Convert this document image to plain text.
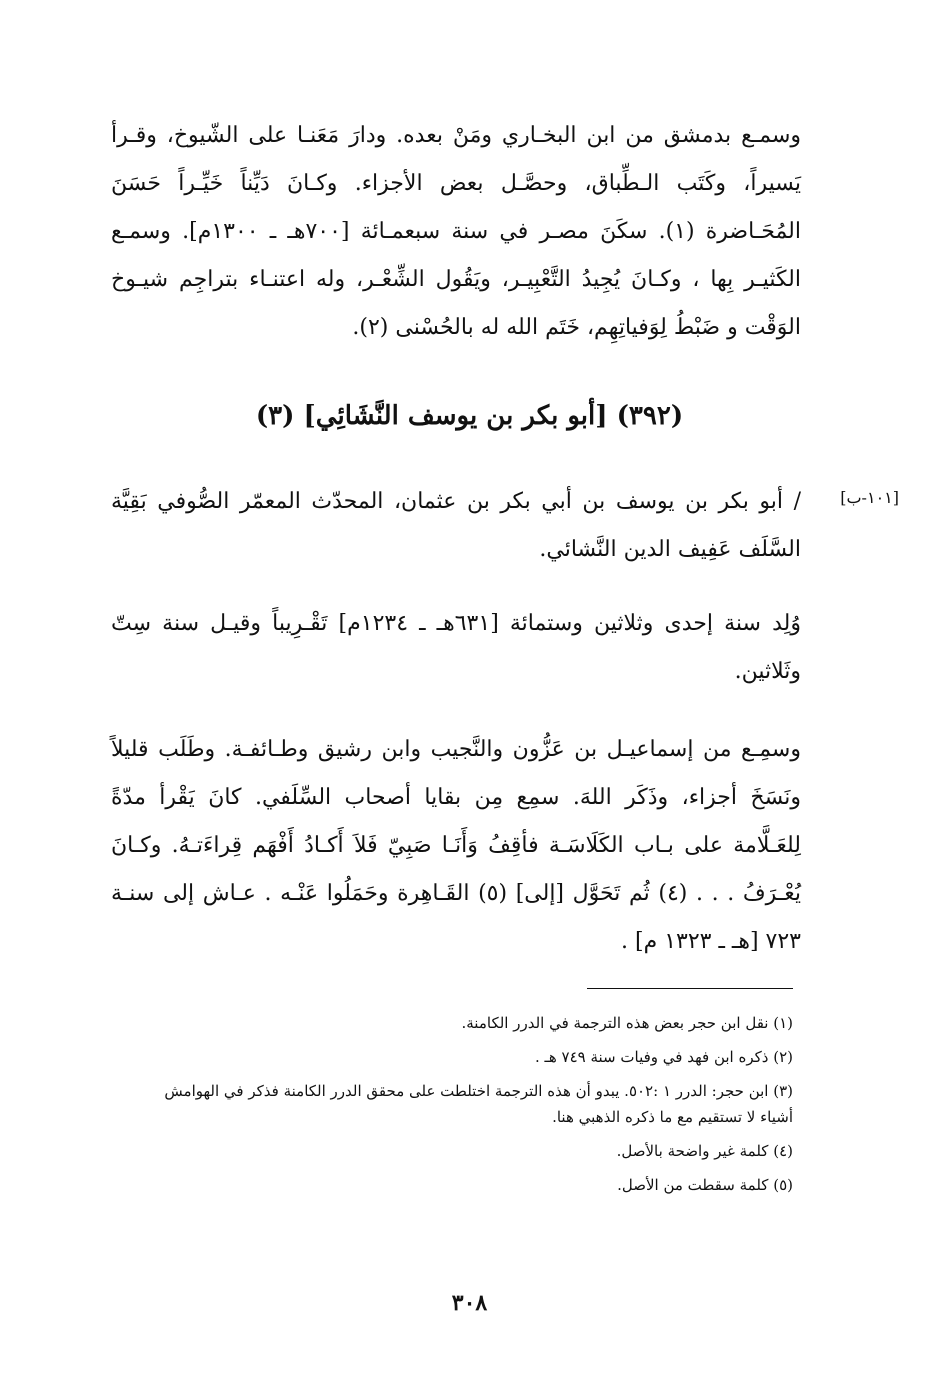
وسمـع بدمشق من ابن البخـاري ومَنْ بعده. ودارَ مَعَنـا على الشّيوخ، وقـرأ يَسيراً، وكَتَب الـطِّباق، وحصَّـل بعض الأجزاء. وكـانَ دَيِّناً خَيِّـراً حَسَنَ المُحَـاضرة (١). سكَنَ مصـر في سنة سبعمـائة [٧٠٠هـ ـ ١٣٠٠م]. وسمـع الكَثيـر بِها ، وكـانَ يُجِيدُ التَّعْبِيـر، ويَقُول الشِّعْـر، وله اعتنـاء بتراجِم شيـوخ الوَقْت و ضَبْطُ لِوَفياتِهِم، خَتَم الله له بالحُسْنى (٢).

(٣٩٢) [أبو بكر بن يوسف النَّشَائِي] (٣)
[١٠١-ب]

/ أبو بكر بن يوسف بن أبي بكر بن عثمان، المحدّث المعمّر الصُّوفي بَقِيَّة السَّلَف عَفِيف الدين النَّشائي.

وُلِد سنة إحدى وثلاثين وستمائة [٦٣١هـ ـ ١٢٣٤م] تَقْـرِيباً وقيـل سنة سِتّ وثَلاثين.

وسمِـع من إسماعيـل بن عَزُّون والنَّجيب وابن رشيق وطـائفـة. وطَلَب قليلاً ونَسَخَ أجزاء، وذَكَر اللهَ. سمِع مِن بقايا أصحاب السِّلَفي. كانَ يَقْرأ مدّةً لِلعَـلَّامة على بـاب الكَلَاسَـة فأقِفُ وَأَنَـا صَبِيّ فَلاَ أَكـادُ أَفْهَم قِراءَتـهُ. وكـانَ يُعْـرَفُ . . . (٤) ثُم تَحَوَّل [إلى] (٥) القَـاهِرة وحَمَلُوا عَنْـه . عـاش إلى سنـة ٧٢٣ [هـ ـ ١٣٢٣ م] .

(١) نقل ابن حجر بعض هذه الترجمة في الدرر الكامنة.

(٢) ذكره ابن فهد في وفيات سنة ٧٤٩ هـ .

(٣) ابن حجر: الدرر ١ :٥٠٢. يبدو أن هذه الترجمة اختلطت على محقق الدرر الكامنة فذكر في الهوامش أشياء لا تستقيم مع ما ذكره الذهبي هنا.

(٤) كلمة غير واضحة بالأصل.

(٥) كلمة سقطت من الأصل.

٣٠٨
